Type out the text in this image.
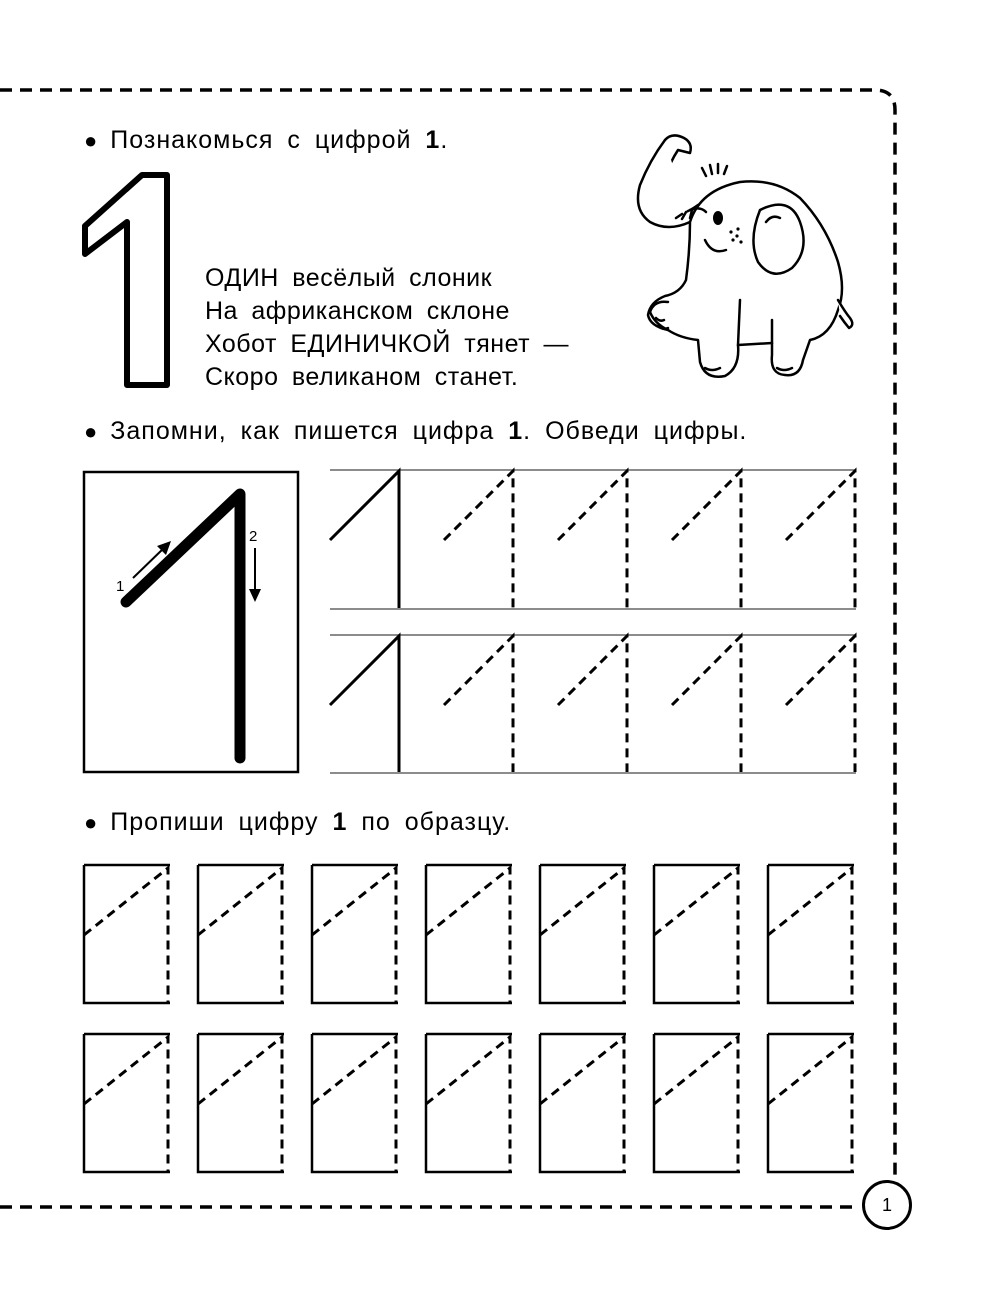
1
2
● Познакомься с цифрой 1.
ОДИН весёлый слоник
На африканском склоне
Хобот ЕДИНИЧКОЙ тянет —
Скоро великаном станет.
● Запомни, как пишется цифра 1. Обведи цифры.
● Пропиши цифру 1 по образцу.
1
